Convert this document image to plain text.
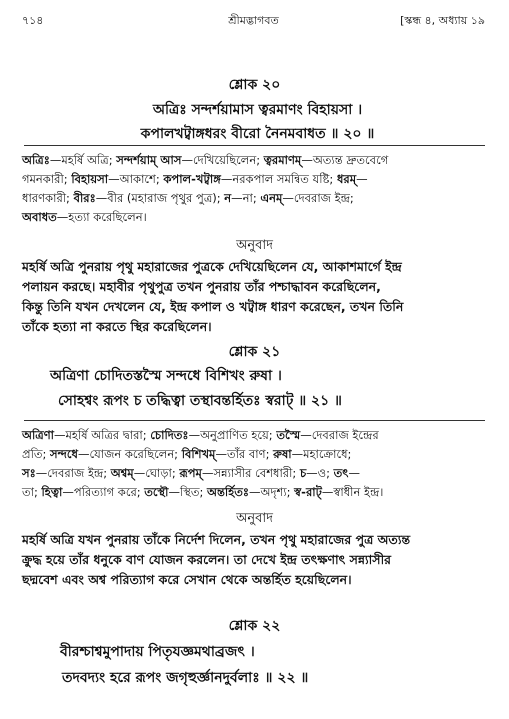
৭১৪	শ্রীমদ্ভাগবত	[স্কন্ধ ৪, অধ্যায় ১৯
শ্লোক ২০
অত্রিঃ সন্দর্শয়ামাস ত্বরমাণং বিহায়সা ।
কপালখট্বাঙ্গধরং বীরো নৈনমবাধত ॥ ২০ ॥
অত্রিঃ—মহর্ষি অত্রি; সন্দর্শয়াম্ আস—দেখিয়েছিলেন; ত্বরমাণম্—অত্যন্ত দ্রুতবেগে
গমনকারী; বিহায়সা—আকাশে; কপাল-খট্বাঙ্গ—নরকপাল সমন্বিত যষ্টি; ধরম্—
ধারণকারী; বীরঃ—বীর (মহারাজ পৃথুর পুত্র); ন—না; এনম্—দেবরাজ ইন্দ্র;
অবাধত—হত্যা করেছিলেন।
অনুবাদ
মহর্ষি অত্রি পুনরায় পৃথু মহারাজের পুত্রকে দেখিয়েছিলেন যে, আকাশমার্গে ইন্দ্র
পলায়ন করছে। মহাবীর পৃথুপুত্র তখন পুনরায় তাঁর পশ্চাদ্ধাবন করেছিলেন,
কিন্তু তিনি যখন দেখলেন যে, ইন্দ্র কপাল ও খট্বাঙ্গ ধারণ করেছেন, তখন তিনি
তাঁকে হত্যা না করতে স্থির করেছিলেন।
শ্লোক ২১
অত্রিণা চোদিতস্তস্মৈ সন্দধে বিশিখং রুষা ।
সোহশ্বং রূপং চ তদ্ধিত্বা তস্থাবন্তর্হিতঃ স্বরাট্ ॥ ২১ ॥
অত্রিণা—মহর্ষি অত্রির দ্বারা; চোদিতঃ—অনুপ্রাণিত হয়ে; তস্মৈ—দেবরাজ ইন্দ্রের
প্রতি; সন্দধে—যোজন করেছিলেন; বিশিখম্—তাঁর বাণ; রুষা—মহাক্রোধে;
সঃ—দেবরাজ ইন্দ্র; অশ্বম্—ঘোড়া; রূপম্—সন্ন্যাসীর বেশধারী; চ—ও; তৎ—
তা; হিত্বা—পরিত্যাগ করে; তস্থৌ—স্থিত; অন্তর্হিতঃ—অদৃশ্য; স্ব-রাট্—স্বাধীন ইন্দ্র।
অনুবাদ
মহর্ষি অত্রি যখন পুনরায় তাঁকে নির্দেশ দিলেন, তখন পৃথু মহারাজের পুত্র অত্যন্ত
ক্রুদ্ধ হয়ে তাঁর ধনুকে বাণ যোজন করলেন। তা দেখে ইন্দ্র তৎক্ষণাৎ সন্ন্যাসীর
ছদ্মবেশ এবং অশ্ব পরিত্যাগ করে সেখান থেকে অন্তর্হিত হয়েছিলেন।
শ্লোক ২২
বীরশ্চাশ্বমুপাদায় পিতৃযজ্ঞমথাব্রজৎ ।
তদবদ্যং হরে রূপং জগৃহুর্জ্ঞানদুর্বলাঃ ॥ ২২ ॥
